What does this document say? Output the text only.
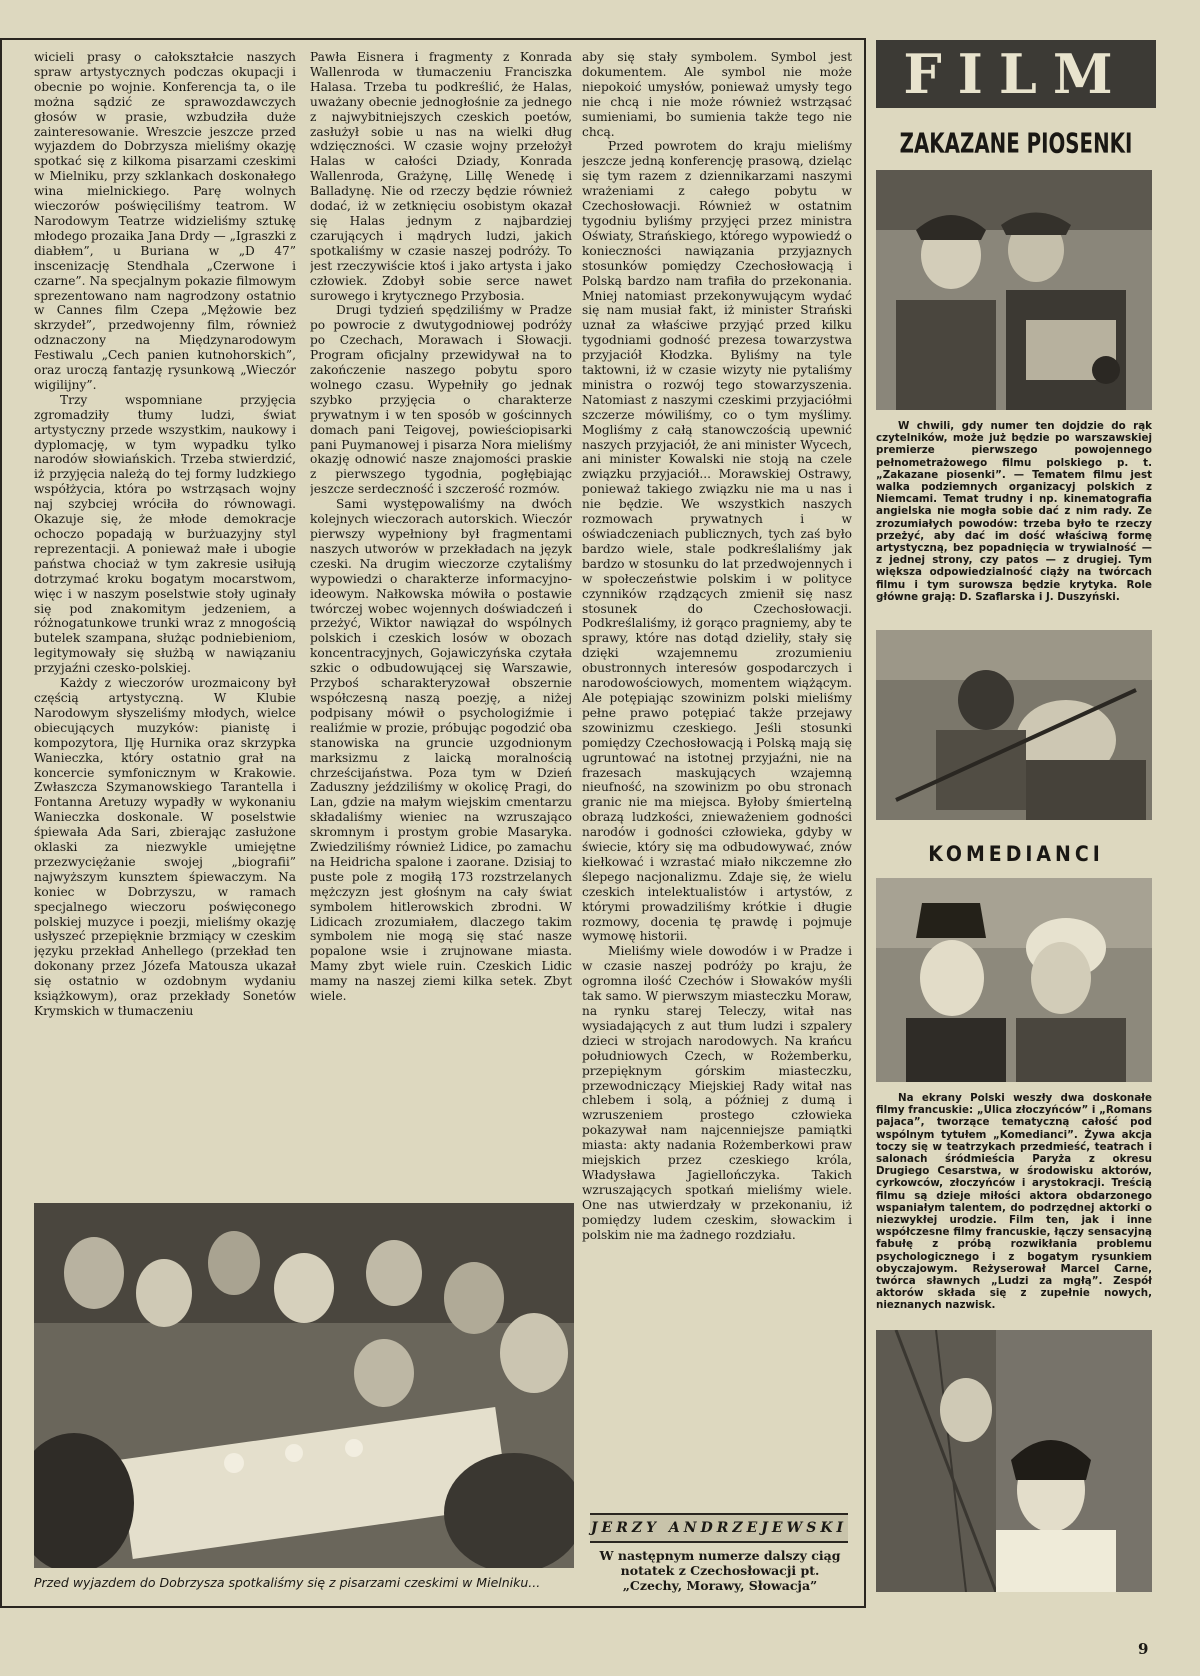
wicieli prasy o całokształcie naszych spraw artystycznych podczas okupacji i obecnie po wojnie. Konferencja ta, o ile można sądzić ze sprawozdawczych głosów w prasie, wzbudziła duże zainteresowanie. Wreszcie jeszcze przed wyjazdem do Dobrzysza mieliśmy okazję spotkać się z kilkoma pisarzami czeskimi w Mielniku, przy szklankach doskonałego wina mielnickiego. Parę wolnych wieczorów poświęciliśmy teatrom. W Narodowym Teatrze widzieliśmy sztukę młodego prozaika Jana Drdy — „Igraszki z diabłem”, u Buriana w „D 47” inscenizację Stendhala „Czerwone i czarne”. Na specjalnym pokazie filmowym sprezentowano nam nagrodzony ostatnio w Cannes film Czepa „Mężowie bez skrzydeł”, przedwojenny film, również odznaczony na Międzynarodowym Festiwalu „Cech panien kutnohorskich”, oraz uroczą fantazję rysunkową „Wieczór wigilijny”.

Trzy wspomniane przyjęcia zgromadziły tłumy ludzi, świat artystyczny przede wszystkim, naukowy i dyplomację, w tym wypadku tylko narodów słowiańskich. Trzeba stwierdzić, iż przyjęcia należą do tej formy ludzkiego współżycia, która po wstrząsach wojny naj szybciej wróciła do równowagi. Okazuje się, że młode demokracje ochoczo popadają w burżuazyjny styl reprezentacji. A ponieważ małe i ubogie państwa chociaż w tym zakresie usiłują dotrzymać kroku bogatym mocarstwom, więc i w naszym poselstwie stoły uginały się pod znakomitym jedzeniem, a różnogatunkowe trunki wraz z mnogością butelek szampana, służąc podniebieniom, legitymowały się służbą w nawiązaniu przyjaźni czesko-polskiej.

Każdy z wieczorów urozmaicony był częścią artystyczną. W Klubie Narodowym słyszeliśmy młodych, wielce obiecujących muzyków: pianistę i kompozytora, Ilję Hurnika oraz skrzypka Wanieczka, który ostatnio grał na koncercie symfonicznym w Krakowie. Zwłaszcza Szymanowskiego Tarantella i Fontanna Aretuzy wypadły w wykonaniu Wanieczka doskonale. W poselstwie śpiewała Ada Sari, zbierając zasłużone oklaski za niezwykle umiejętne przezwyciężanie swojej „biografii” najwyższym kunsztem śpiewaczym. Na koniec w Dobrzyszu, w ramach specjalnego wieczoru poświęconego polskiej muzyce i poezji, mieliśmy okazję usłyszeć przepięknie brzmiący w czeskim języku przekład Anhellego (przekład ten dokonany przez Józefa Matousza ukazał się ostatnio w ozdobnym wydaniu książkowym), oraz przekłady Sonetów Krymskich w tłumaczeniu

Pawła Eisnera i fragmenty z Konrada Wallenroda w tłumaczeniu Franciszka Halasa. Trzeba tu podkreślić, że Halas, uważany obecnie jednogłośnie za jednego z najwybitniejszych czeskich poetów, zasłużył sobie u nas na wielki dług wdzięczności. W czasie wojny przełożył Halas w całości Dziady, Konrada Wallenroda, Grażynę, Lillę Wenedę i Balladynę. Nie od rzeczy będzie również dodać, iż w zetknięciu osobistym okazał się Halas jednym z najbardziej czarujących i mądrych ludzi, jakich spotkaliśmy w czasie naszej podróży. To jest rzeczywiście ktoś i jako artysta i jako człowiek. Zdobył sobie serce nawet surowego i krytycznego Przybosia.

Drugi tydzień spędziliśmy w Pradze po powrocie z dwutygodniowej podróży po Czechach, Morawach i Słowacji. Program oficjalny przewidywał na to zakończenie naszego pobytu sporo wolnego czasu. Wypełniły go jednak szybko przyjęcia o charakterze prywatnym i w ten sposób w gościnnych domach pani Teigovej, powieściopisarki pani Puymanowej i pisarza Nora mieliśmy okazję odnowić nasze znajomości praskie z pierwszego tygodnia, pogłębiając jeszcze serdeczność i szczerość rozmów.

Sami występowaliśmy na dwóch kolejnych wieczorach autorskich. Wieczór pierwszy wypełniony był fragmentami naszych utworów w przekładach na język czeski. Na drugim wieczorze czytaliśmy wypowiedzi o charakterze informacyjno-ideowym. Nałkowska mówiła o postawie twórczej wobec wojennych doświadczeń i przeżyć, Wiktor nawiązał do wspólnych polskich i czeskich losów w obozach koncentracyjnych, Gojawiczyńska czytała szkic o odbudowującej się Warszawie, Przyboś scharakteryzował obszernie współczesną naszą poezję, a niżej podpisany mówił o psychologiźmie i realiźmie w prozie, próbując pogodzić oba stanowiska na gruncie uzgodnionym marksizmu z laicką moralnością chrześcijaństwa. Poza tym w Dzień Zaduszny jeździliśmy w okolicę Pragi, do Lan, gdzie na małym wiejskim cmentarzu składaliśmy wieniec na wzruszająco skromnym i prostym grobie Masaryka. Zwiedziliśmy również Lidice, po zamachu na Heidricha spalone i zaorane. Dzisiaj to puste pole z mogiłą 173 rozstrzelanych mężczyzn jest głośnym na cały świat symbolem hitlerowskich zbrodni. W Lidicach zrozumiałem, dlaczego takim symbolem nie mogą się stać nasze popalone wsie i zrujnowane miasta. Mamy zbyt wiele ruin. Czeskich Lidic mamy na naszej ziemi kilka setek. Zbyt wiele.

aby się stały symbolem. Symbol jest dokumentem. Ale symbol nie może niepokoić umysłów, ponieważ umysły tego nie chcą i nie może również wstrząsać sumieniami, bo sumienia także tego nie chcą.

Przed powrotem do kraju mieliśmy jeszcze jedną konferencję prasową, dzieląc się tym razem z dziennikarzami naszymi wrażeniami z całego pobytu w Czechosłowacji. Również w ostatnim tygodniu byliśmy przyjęci przez ministra Oświaty, Strańskiego, którego wypowiedź o konieczności nawiązania przyjaznych stosunków pomiędzy Czechosłowacją i Polską bardzo nam trafiła do przekonania. Mniej natomiast przekonywującym wydać się nam musiał fakt, iż minister Strański uznał za właściwe przyjąć przed kilku tygodniami godność prezesa towarzystwa przyjaciół Kłodzka. Byliśmy na tyle taktowni, iż w czasie wizyty nie pytaliśmy ministra o rozwój tego stowarzyszenia. Natomiast z naszymi czeskimi przyjaciółmi szczerze mówiliśmy, co o tym myślimy. Mogliśmy z całą stanowczością upewnić naszych przyjaciół, że ani minister Wycech, ani minister Kowalski nie stoją na czele związku przyjaciół... Morawskiej Ostrawy, ponieważ takiego związku nie ma u nas i nie będzie. We wszystkich naszych rozmowach prywatnych i w oświadczeniach publicznych, tych zaś było bardzo wiele, stale podkreślaliśmy jak bardzo w stosunku do lat przedwojennych i w społeczeństwie polskim i w polityce czynników rządzących zmienił się nasz stosunek do Czechosłowacji. Podkreślaliśmy, iż gorąco pragniemy, aby te sprawy, które nas dotąd dzieliły, stały się dzięki wzajemnemu zrozumieniu obustronnych interesów gospodarczych i narodowościowych, momentem wiążącym. Ale potępiając szowinizm polski mieliśmy pełne prawo potępiać także przejawy szowinizmu czeskiego. Jeśli stosunki pomiędzy Czechosłowacją i Polską mają się ugruntować na istotnej przyjaźni, nie na frazesach maskujących wzajemną nieufność, na szowinizm po obu stronach granic nie ma miejsca. Byłoby śmiertelną obrazą ludzkości, znieważeniem godności narodów i godności człowieka, gdyby w świecie, który się ma odbudowywać, znów kiełkować i wzrastać miało nikczemne zło ślepego nacjonalizmu. Zdaje się, że wielu czeskich intelektualistów i artystów, z którymi prowadziliśmy krótkie i długie rozmowy, docenia tę prawdę i pojmuje wymowę historii.

Mieliśmy wiele dowodów i w Pradze i w czasie naszej podróży po kraju, że ogromna ilość Czechów i Słowaków myśli tak samo. W pierwszym miasteczku Moraw, na rynku starej Teleczy, witał nas wysiadających z aut tłum ludzi i szpalery dzieci w strojach narodowych. Na krańcu południowych Czech, w Rożemberku, przepięknym górskim miasteczku, przewodniczący Miejskiej Rady witał nas chlebem i solą, a później z dumą i wzruszeniem prostego człowieka pokazywał nam najcenniejsze pamiątki miasta: akty nadania Rożemberkowi praw miejskich przez czeskiego króla, Władysława Jagiellończyka. Takich wzruszających spotkań mieliśmy wiele. One nas utwierdzały w przekonaniu, iż pomiędzy ludem czeskim, słowackim i polskim nie ma żadnego rozdziału.

Przed wyjazdem do Dobrzysza spotkaliśmy się z pisarzami czeskimi w Mielniku...
JERZY ANDRZEJEWSKI
W następnym numerze dalszy ciąg notatek z Czechosłowacji pt. „Czechy, Morawy, Słowacja”
FILM
ZAKAZANE PIOSENKI

W chwili, gdy numer ten dojdzie do rąk czytelników, może już będzie po warszawskiej premierze pierwszego powojennego pełnometrażowego filmu polskiego p. t. „Zakazane piosenki”. — Tematem filmu jest walka podziemnych organizacyj polskich z Niemcami. Temat trudny i np. kinematografia angielska nie mogła sobie dać z nim rady. Ze zrozumiałych powodów: trzeba było te rzeczy przeżyć, aby dać im dość właściwą formę artystyczną, bez popadnięcia w trywialność — z jednej strony, czy patos — z drugiej. Tym większa odpowiedzialność ciąży na twórcach filmu i tym surowsza będzie krytyka. Role główne grają: D. Szaflarska i J. Duszyński.

KOMEDIANCI

Na ekrany Polski weszły dwa doskonałe filmy francuskie: „Ulica złoczyńców” i „Romans pajaca”, tworzące tematyczną całość pod wspólnym tytułem „Komedianci”. Żywa akcja toczy się w teatrzykach przedmieść, teatrach i salonach śródmieścia Paryża z okresu Drugiego Cesarstwa, w środowisku aktorów, cyrkowców, złoczyńców i arystokracji. Treścią filmu są dzieje miłości aktora obdarzonego wspaniałym talentem, do podrzędnej aktorki o niezwykłej urodzie. Film ten, jak i inne współczesne filmy francuskie, łączy sensacyjną fabułę z próbą rozwikłania problemu psychologicznego i z bogatym rysunkiem obyczajowym. Reżyserował Marcel Carne, twórca sławnych „Ludzi za mgłą”. Zespół aktorów składa się z zupełnie nowych, nieznanych nazwisk.

9
